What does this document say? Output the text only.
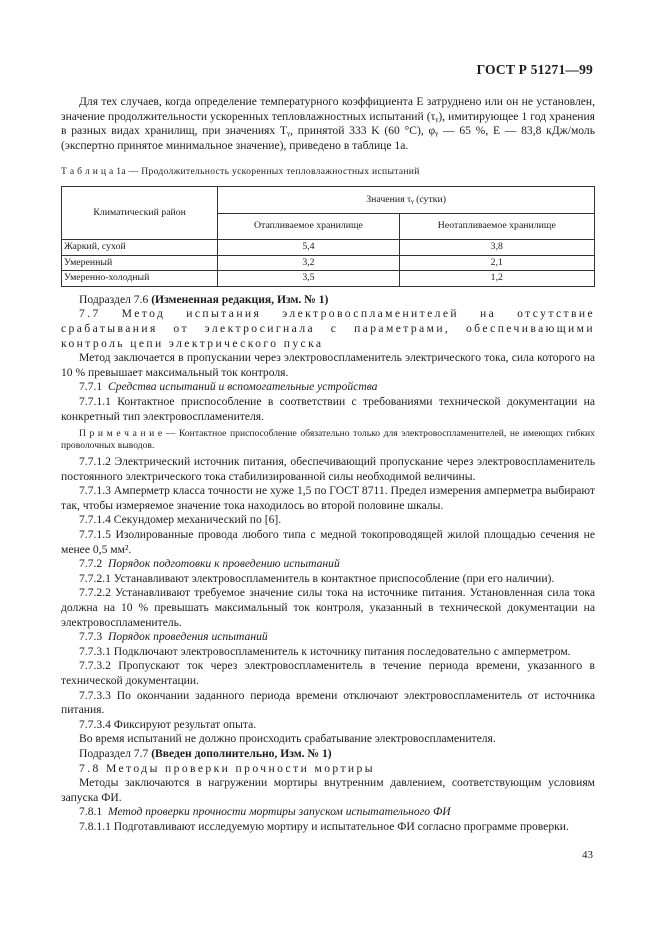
ГОСТ Р 51271—99

Для тех случаев, когда определение температурного коэффициента E затруднено или он не установлен, значение продолжительности ускоренных тепловлажностных испытаний (τᵧ), имитирующее 1 год хранения в разных видах хранилищ, при значениях Tᵧ, принятой 333 K (60 °C), φᵧ — 65 %, E — 83,8 кДж/моль (экспертно принятое минимальное значение), приведено в таблице 1а.

Т а б л и ц а 1а — Продолжительность ускоренных тепловлажностных испытаний
Климатический район	Значения τᵧ (сутки)	
	Отапливаемое хранилище	Неотапливаемое хранилище
Жаркий, сухой	5,4	3,8
Умеренный	3,2	2,1
Умеренно-холодный	3,5	1,2

Подраздел 7.6 (Измененная редакция, Изм. № 1)

7.7 Метод испытания электровоспламенителей на отсутствие срабатывания от электросигнала с параметрами, обеспечивающими контроль цепи электрического пуска

Метод заключается в пропускании через электровоспламенитель электрического тока, сила которого на 10 % превышает максимальный ток контроля.

7.7.1 Средства испытаний и вспомогательные устройства

7.7.1.1 Контактное приспособление в соответствии с требованиями технической документации на конкретный тип электровоспламенителя.

П р и м е ч а н и е — Контактное приспособление обязательно только для электровоспламенителей, не имеющих гибких проволочных выводов.

7.7.1.2 Электрический источник питания, обеспечивающий пропускание через электровоспламенитель постоянного электрического тока стабилизированной силы необходимой величины.

7.7.1.3 Амперметр класса точности не хуже 1,5 по ГОСТ 8711. Предел измерения амперметра выбирают так, чтобы измеряемое значение тока находилось во второй половине шкалы.

7.7.1.4 Секундомер механический по [6].

7.7.1.5 Изолированные провода любого типа с медной токопроводящей жилой площадью сечения не менее 0,5 мм².

7.7.2 Порядок подготовки к проведению испытаний

7.7.2.1 Устанавливают электровоспламенитель в контактное приспособление (при его наличии).

7.7.2.2 Устанавливают требуемое значение силы тока на источнике питания. Установленная сила тока должна на 10 % превышать максимальный ток контроля, указанный в технической документации на электровоспламенитель.

7.7.3 Порядок проведения испытаний

7.7.3.1 Подключают электровоспламенитель к источнику питания последовательно с амперметром.

7.7.3.2 Пропускают ток через электровоспламенитель в течение периода времени, указанного в технической документации.

7.7.3.3 По окончании заданного периода времени отключают электровоспламенитель от источника питания.

7.7.3.4 Фиксируют результат опыта.

Во время испытаний не должно происходить срабатывание электровоспламенителя.

Подраздел 7.7 (Введен дополнительно, Изм. № 1)

7.8 Методы проверки прочности мортиры

Методы заключаются в нагружении мортиры внутренним давлением, соответствующим условиям запуска ФИ.

7.8.1 Метод проверки прочности мортиры запуском испытательного ФИ

7.8.1.1 Подготавливают исследуемую мортиру и испытательное ФИ согласно программе проверки.

43
